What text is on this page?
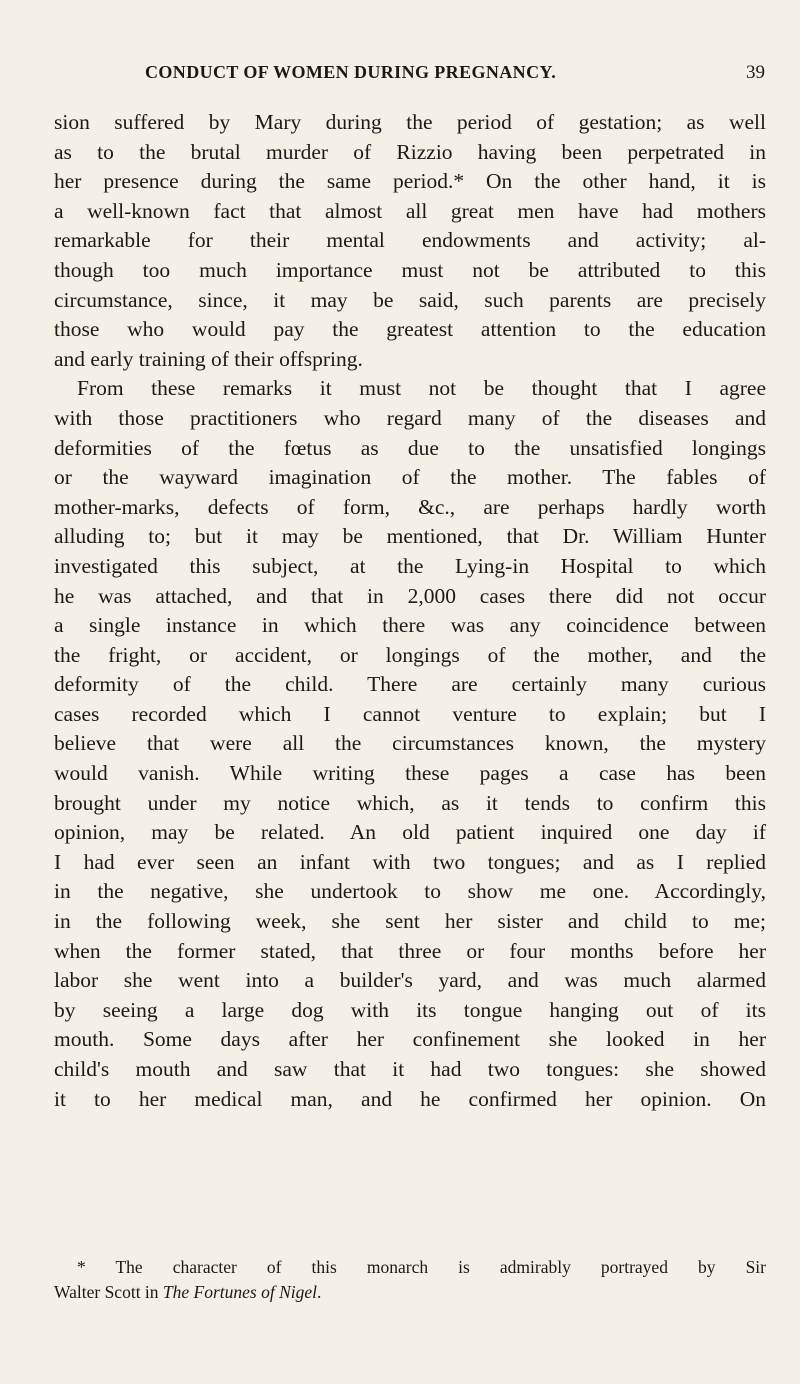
CONDUCT OF WOMEN DURING PREGNANCY.	39
sion suffered by Mary during the period of gestation; as well
as to the brutal murder of Rizzio having been perpetrated in
her presence during the same period.* On the other hand, it is
a well-known fact that almost all great men have had mothers
remarkable for their mental endowments and activity; al-
though too much importance must not be attributed to this
circumstance, since, it may be said, such parents are precisely
those who would pay the greatest attention to the education
and early training of their offspring.
From these remarks it must not be thought that I agree
with those practitioners who regard many of the diseases and
deformities of the fœtus as due to the unsatisfied longings
or the wayward imagination of the mother. The fables of
mother-marks, defects of form, &c., are perhaps hardly worth
alluding to; but it may be mentioned, that Dr. William Hunter
investigated this subject, at the Lying-in Hospital to which
he was attached, and that in 2,000 cases there did not occur
a single instance in which there was any coincidence between
the fright, or accident, or longings of the mother, and the
deformity of the child. There are certainly many curious
cases recorded which I cannot venture to explain; but I
believe that were all the circumstances known, the mystery
would vanish. While writing these pages a case has been
brought under my notice which, as it tends to confirm this
opinion, may be related. An old patient inquired one day if
I had ever seen an infant with two tongues; and as I replied
in the negative, she undertook to show me one. Accordingly,
in the following week, she sent her sister and child to me;
when the former stated, that three or four months before her
labor she went into a builder's yard, and was much alarmed
by seeing a large dog with its tongue hanging out of its
mouth. Some days after her confinement she looked in her
child's mouth and saw that it had two tongues: she showed
it to her medical man, and he confirmed her opinion. On
* The character of this monarch is admirably portrayed by Sir
Walter Scott in The Fortunes of Nigel.
